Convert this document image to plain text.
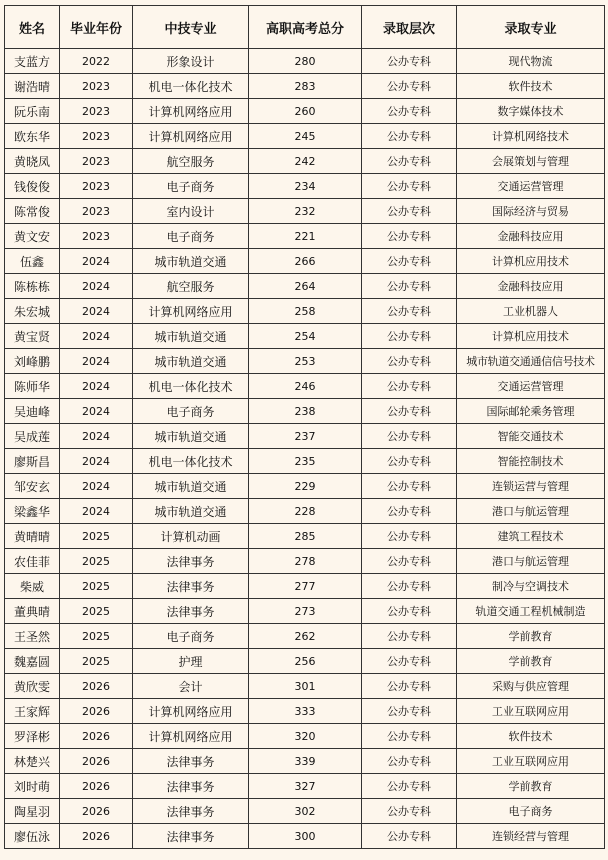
姓名	毕业年份	中技专业	高职高考总分	录取层次	录取专业
支蓝方	2022	形象设计	280	公办专科	现代物流
谢浩晴	2023	机电一体化技术	283	公办专科	软件技术
阮乐南	2023	计算机网络应用	260	公办专科	数字媒体技术
欧东华	2023	计算机网络应用	245	公办专科	计算机网络技术
黄晓凤	2023	航空服务	242	公办专科	会展策划与管理
钱俊俊	2023	电子商务	234	公办专科	交通运营管理
陈常俊	2023	室内设计	232	公办专科	国际经济与贸易
黄文安	2023	电子商务	221	公办专科	金融科技应用
伍鑫	2024	城市轨道交通	266	公办专科	计算机应用技术
陈栋栋	2024	航空服务	264	公办专科	金融科技应用
朱宏城	2024	计算机网络应用	258	公办专科	工业机器人
黄宝贤	2024	城市轨道交通	254	公办专科	计算机应用技术
刘峰鹏	2024	城市轨道交通	253	公办专科	城市轨道交通通信信号技术
陈师华	2024	机电一体化技术	246	公办专科	交通运营管理
吴迪峰	2024	电子商务	238	公办专科	国际邮轮乘务管理
吴成莲	2024	城市轨道交通	237	公办专科	智能交通技术
廖斯昌	2024	机电一体化技术	235	公办专科	智能控制技术
邹安玄	2024	城市轨道交通	229	公办专科	连锁运营与管理
梁鑫华	2024	城市轨道交通	228	公办专科	港口与航运管理
黄晴晴	2025	计算机动画	285	公办专科	建筑工程技术
农佳菲	2025	法律事务	278	公办专科	港口与航运管理
柴威	2025	法律事务	277	公办专科	制冷与空调技术
董典晴	2025	法律事务	273	公办专科	轨道交通工程机械制造
王圣然	2025	电子商务	262	公办专科	学前教育
魏嘉圆	2025	护理	256	公办专科	学前教育
黄欣雯	2026	会计	301	公办专科	采购与供应管理
王家辉	2026	计算机网络应用	333	公办专科	工业互联网应用
罗泽彬	2026	计算机网络应用	320	公办专科	软件技术
林楚兴	2026	法律事务	339	公办专科	工业互联网应用
刘时萌	2026	法律事务	327	公办专科	学前教育
陶星羽	2026	法律事务	302	公办专科	电子商务
廖伍泳	2026	法律事务	300	公办专科	连锁经营与管理
